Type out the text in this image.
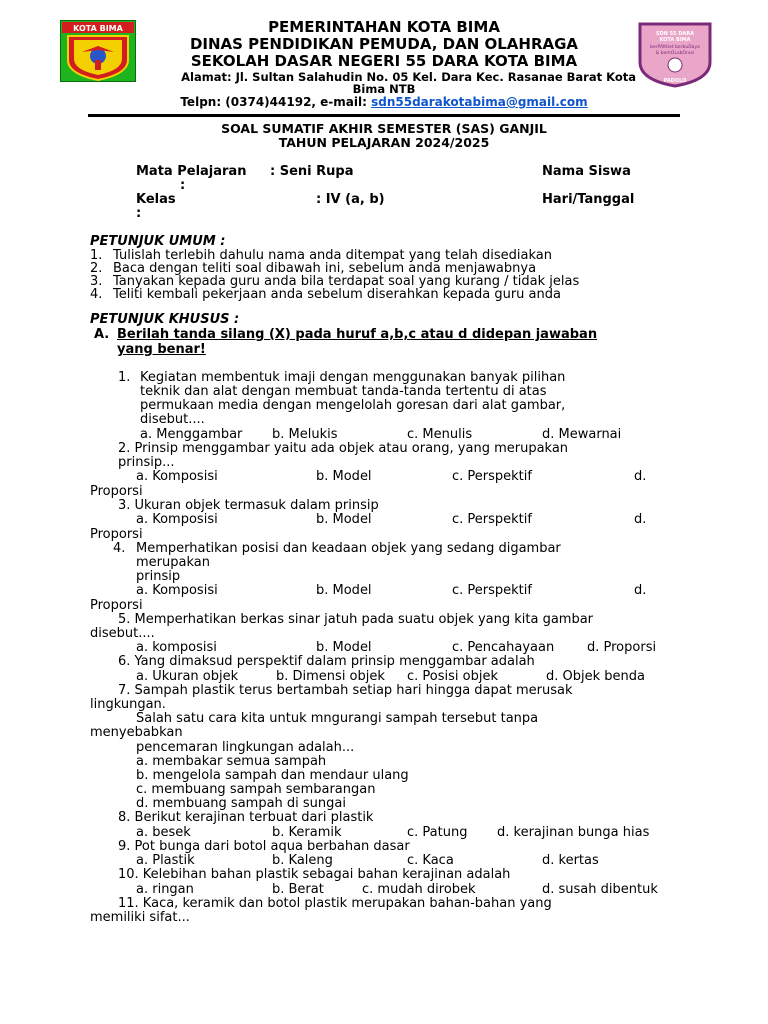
KOTA BIMA
SDN 55 DARA
KOTA BIMA
berPAKtiet berbuDaya
& berkOLabOrasi
PADOLO
PEMERINTAHAN KOTA BIMA
DINAS PENDIDIKAN PEMUDA, DAN OLAHRAGA
SEKOLAH DASAR NEGERI 55 DARA KOTA BIMA
Alamat: Jl. Sultan Salahudin No. 05 Kel. Dara Kec. Rasanae Barat Kota
Bima NTB
Telpn: (0374)44192, e-mail: sdn55darakotabima@gmail.com
SOAL SUMATIF AKHIR SEMESTER (SAS) GANJIL
TAHUN PELAJARAN 2024/2025
Mata Pelajaran : Seni Rupa	Nama Siswa
:
Kelas	: IV (a, b)	Hari/Tanggal
:
PETUNJUK UMUM :
1. Tulislah terlebih dahulu nama anda ditempat yang telah disediakan
2. Baca dengan teliti soal dibawah ini, sebelum anda menjawabnya
3. Tanyakan kepada guru anda bila terdapat soal yang kurang / tidak jelas
4. Teliti kembali pekerjaan anda sebelum diserahkan kepada guru anda
PETUNJUK KHUSUS :
A. Berilah tanda silang (X) pada huruf a,b,c atau d didepan jawaban
yang benar!
1. Kegiatan membentuk imaji dengan menggunakan banyak pilihan
teknik dan alat dengan membuat tanda-tanda tertentu di atas
permukaan media dengan mengelolah goresan dari alat gambar,
disebut....
a. Menggambar b. Melukis	c. Menulis	d. Mewarnai
2. Prinsip menggambar yaitu ada objek atau orang, yang merupakan
prinsip...
a. Komposisi	b. Model	c. Perspektif	d.
Proporsi
3. Ukuran objek termasuk dalam prinsip
a. Komposisi	b. Model	c. Perspektif	d.
Proporsi
4. Memperhatikan posisi dan keadaan objek yang sedang digambar
merupakan
prinsip
a. Komposisi	b. Model	c. Perspektif	d.
Proporsi
5. Memperhatikan berkas sinar jatuh pada suatu objek yang kita gambar
disebut....
a. komposisi	b. Model	c. Pencahayaan	d. Proporsi
6. Yang dimaksud perspektif dalam prinsip menggambar adalah
a. Ukuran objek	b. Dimensi objek c. Posisi objek	d. Objek benda
7. Sampah plastik terus bertambah setiap hari hingga dapat merusak
lingkungan.
Salah satu cara kita untuk mngurangi sampah tersebut tanpa
menyebabkan
pencemaran lingkungan adalah...
a. membakar semua sampah
b. mengelola sampah dan mendaur ulang
c. membuang sampah sembarangan
d. membuang sampah di sungai
8. Berikut kerajinan terbuat dari plastik
a. besek	b. Keramik	c. Patung d. kerajinan bunga hias
9. Pot bunga dari botol aqua berbahan dasar
a. Plastik	b. Kaleng	c. Kaca	d. kertas
10. Kelebihan bahan plastik sebagai bahan kerajinan adalah
a. ringan	b. Berat	c. mudah dirobek	d. susah dibentuk
11. Kaca, keramik dan botol plastik merupakan bahan-bahan yang
memiliki sifat...
